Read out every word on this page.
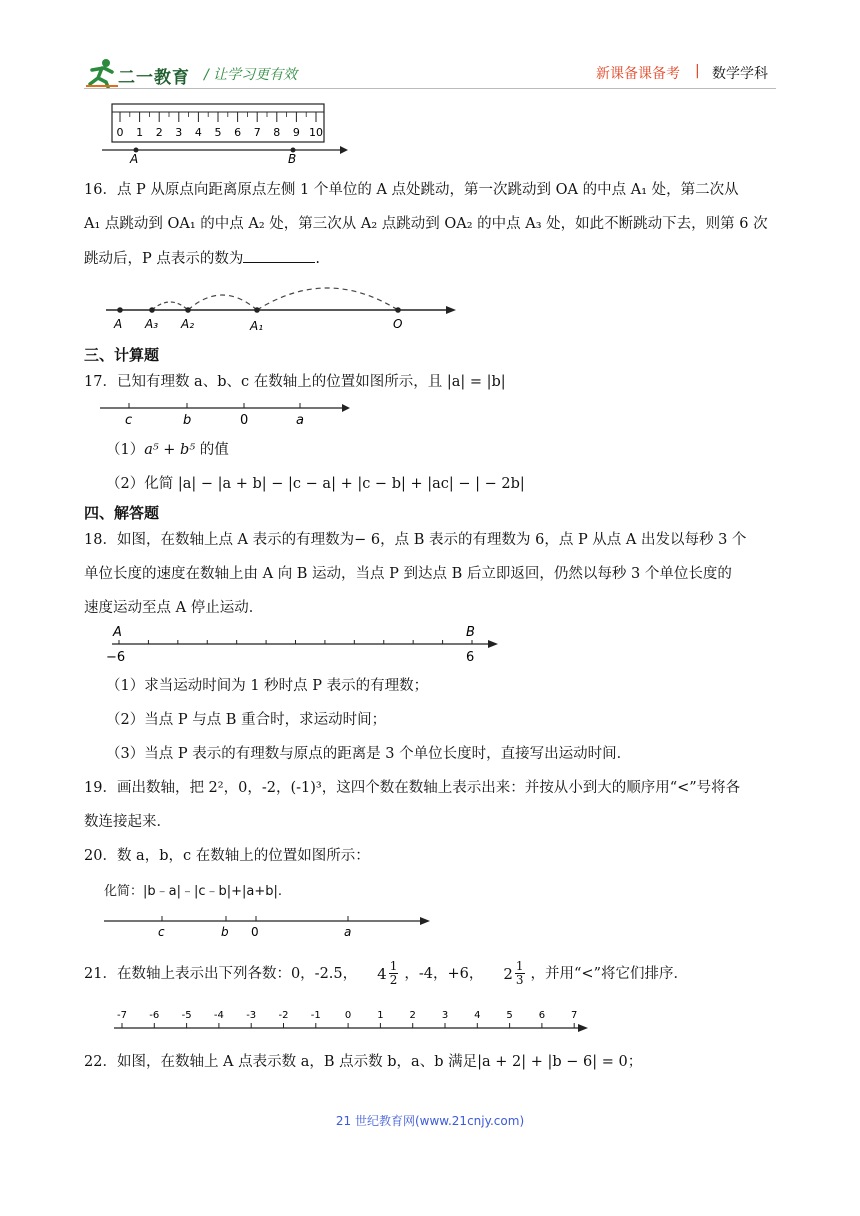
二一教育 / 让学习更有效	新课备课备考 | 数学学科
0 1 2 3 4 5 6 7 8 9 10
A	B
16．点 P 从原点向距离原点左侧 1 个单位的 A 点处跳动，第一次跳动到 OA 的中点 A₁ 处，第二次从
A₁ 点跳动到 OA₁ 的中点 A₂ 处，第三次从 A₂ 点跳动到 OA₂ 的中点 A₃ 处，如此不断跳动下去，则第 6 次
跳动后，P 点表示的数为	.
A A₃ A₂	A₁	O
三、计算题
17．已知有理数 a、b、c 在数轴上的位置如图所示，且 |a| = |b|
c	b	0	a
（1）a⁵ + b⁵ 的值
（2）化简 |a| − |a + b| − |c − a| + |c − b| + |ac| − | − 2b|
四、解答题
18．如图，在数轴上点 A 表示的有理数为− 6，点 B 表示的有理数为 6，点 P 从点 A 出发以每秒 3 个
单位长度的速度在数轴上由 A 向 B 运动，当点 P 到达点 B 后立即返回，仍然以每秒 3 个单位长度的
速度运动至点 A 停止运动．
A	B
−6	6
（1）求当运动时间为 1 秒时点 P 表示的有理数；
（2）当点 P 与点 B 重合时，求运动时间；
（3）当点 P 表示的有理数与原点的距离是 3 个单位长度时，直接写出运动时间．
19．画出数轴，把 2²，0，-2，(-1)³，这四个数在数轴上表示出来：并按从小到大的顺序用“<”号将各
数连接起来．
20．数 a，b，c 在数轴上的位置如图所示：
化简：|b﹣a|﹣|c﹣b|+|a+b|.
c	b 0	a
21．在数轴上表示出下列各数：0，-2.5， $4 \frac{1}{2}$ ，-4，+6， $2 \frac{1}{3}$ ，并用“<”将它们排序．
-7 -6 -5 -4 -3 -2 -1 0	1	2	3	4	5	6	7
22．如图，在数轴上 A 点表示数 a，B 点示数 b，a、b 满足|a + 2| + |b − 6| = 0；
21 世纪教育网(www.21cnjy.com)
